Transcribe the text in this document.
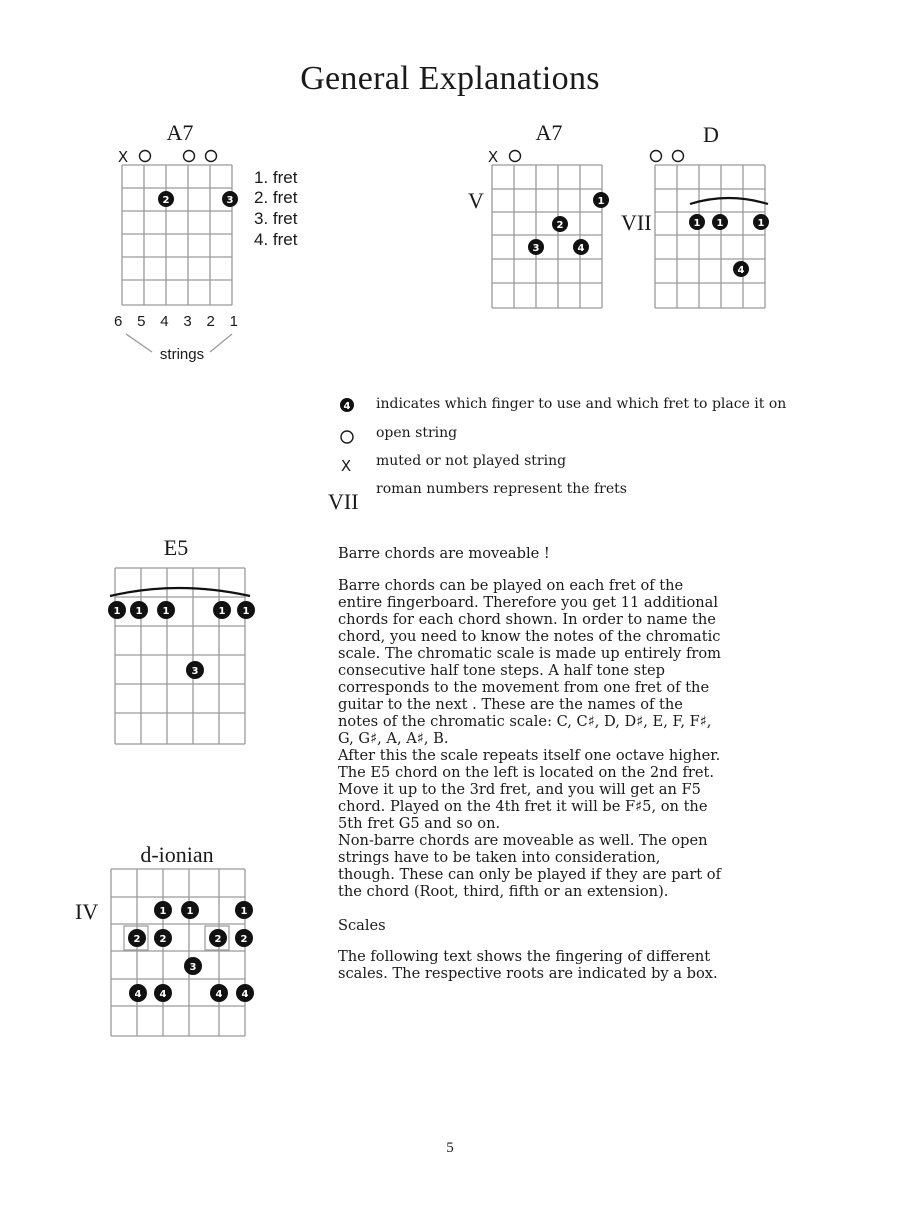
General Explanations
A7
X
2	3
1. fret
2. fret
3. fret
4. fret
6 5 4 3 2 1
strings
A7
X
V	1
2
3	4
D
VII	1 1	1
4
E5
1 1 1	1 1
3
d-ionian
IV	1 1	1
2 2	2 2
3
4 4	4 4
4
X
VII
indicates which finger to use and which fret to place it on
open string
muted or not played string
roman numbers represent the frets
Barre chords are moveable !

Barre chords can be played on each fret of the

entire fingerboard. Therefore you get 11 additional

chords for each chord shown. In order to name the

chord, you need to know the notes of the chromatic

scale. The chromatic scale is made up entirely from

consecutive half tone steps. A half tone step

corresponds to the movement from one fret of the

guitar to the next . These are the names of the

notes of the chromatic scale: C, C♯, D, D♯, E, F, F♯,

G, G♯, A, A♯, B.

After this the scale repeats itself one octave higher.

The E5 chord on the left is located on the 2nd fret.

Move it up to the 3rd fret, and you will get an F5

chord. Played on the 4th fret it will be F♯5, on the

5th fret G5 and so on.

Non-barre chords are moveable as well. The open

strings have to be taken into consideration,

though. These can only be played if they are part of

the chord (Root, third, fifth or an extension).

Scales

The following text shows the fingering of different

scales. The respective roots are indicated by a box.

5
